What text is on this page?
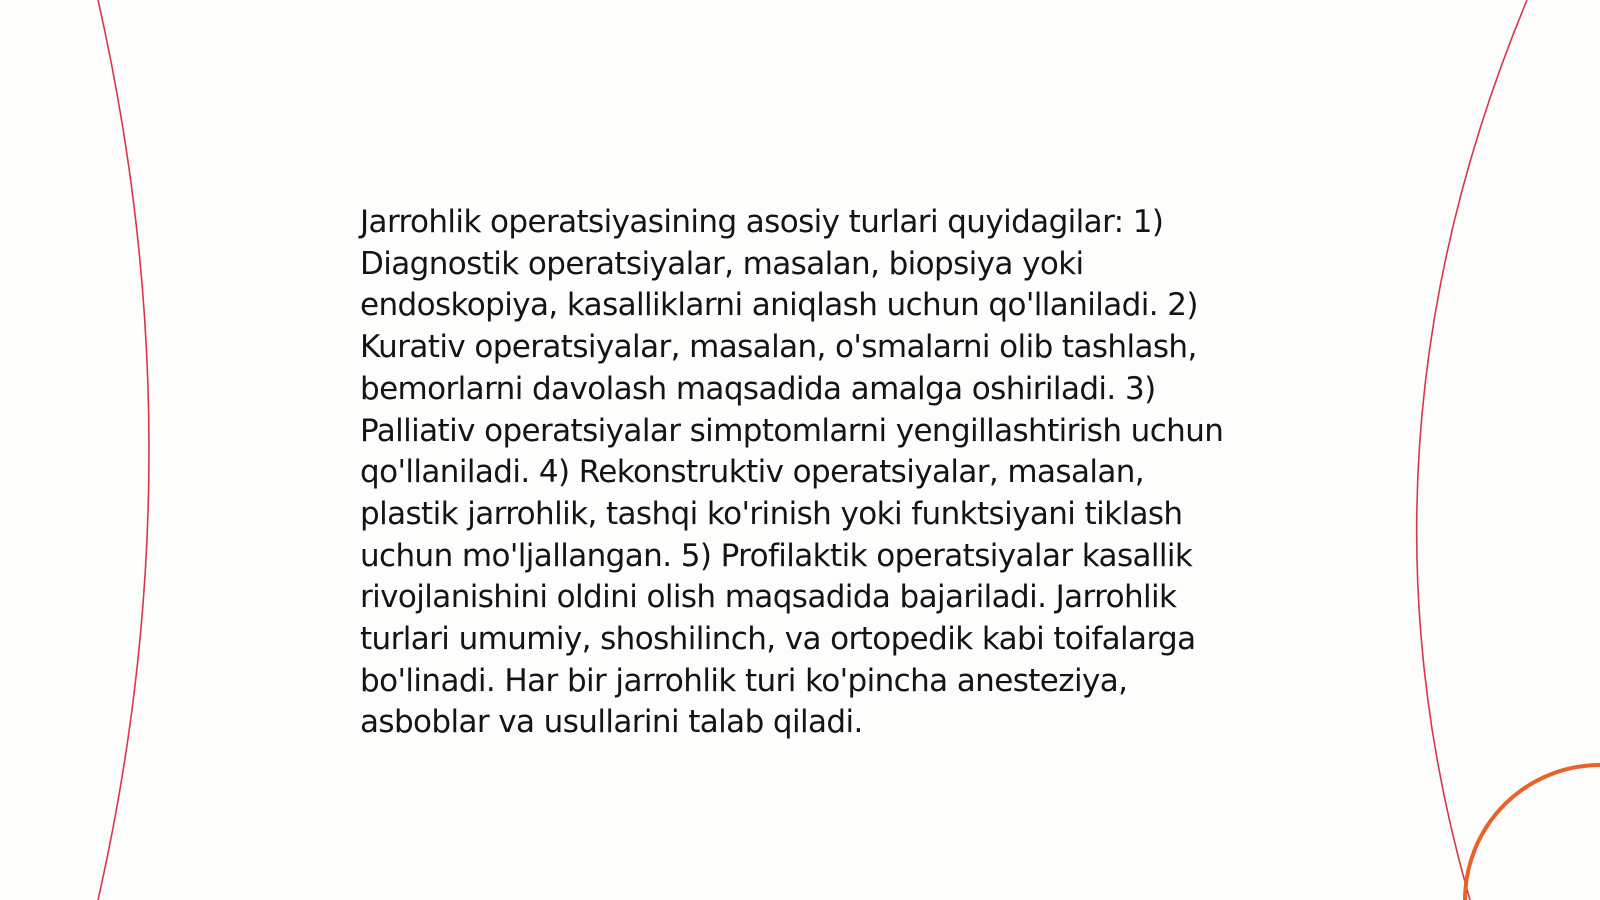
Jarrohlik operatsiyasining asosiy turlari quyidagilar: 1) Diagnostik operatsiyalar, masalan, biopsiya yoki endoskopiya, kasalliklarni aniqlash uchun qo'llaniladi. 2) Kurativ operatsiyalar, masalan, o'smalarni olib tashlash, bemorlarni davolash maqsadida amalga oshiriladi. 3) Palliativ operatsiyalar simptomlarni yengillashtirish uchun qo'llaniladi. 4) Rekonstruktiv operatsiyalar, masalan, plastik jarrohlik, tashqi ko'rinish yoki funktsiyani tiklash uchun mo'ljallangan. 5) Profilaktik operatsiyalar kasallik rivojlanishini oldini olish maqsadida bajariladi. Jarrohlik turlari umumiy, shoshilinch, va ortopedik kabi toifalarga bo'linadi. Har bir jarrohlik turi ko'pincha anesteziya, asboblar va usullarini talab qiladi.
